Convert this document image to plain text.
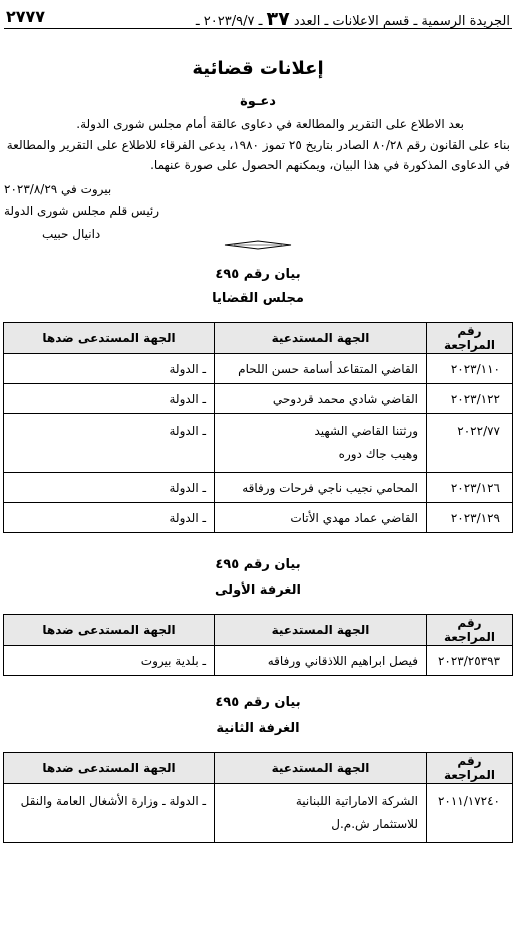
الجريدة الرسمية ـ قسم الاعلانات ـ العدد ٣٧ ـ ٢٠٢٣/٩/٧ ـ
٢٧٧٧
إعلانات قضائية
دعـوة
بعد الاطلاع على التقرير والمطالعة في دعاوى عالقة أمام مجلس شورى الدولة.
بناء على القانون رقم ٨٠/٢٨ الصادر بتاريخ ٢٥ تموز ١٩٨٠، يدعى الفرقاء للاطلاع على التقرير والمطالعة
في الدعاوى المذكورة في هذا البيان، ويمكنهم الحصول على صورة عنهما.
بيروت في ٢٠٢٣/٨/٢٩
رئيس قلم مجلس شورى الدولة
دانيال حبيب
بيان رقم ٤٩٥
مجلس القضايا
رقم المراجعة	الجهة المستدعية	الجهة المستدعى ضدها
٢٠٢٣/١١٠	القاضي المتقاعد أسامة حسن اللحام	ـ الدولة
٢٠٢٣/١٢٢	القاضي شادي محمد قردوحي	ـ الدولة
٢٠٢٢/٧٧	ورثتنا القاضي الشهيد
وهيب جاك دوره	ـ الدولة
٢٠٢٣/١٢٦	المحامي نجيب ناجي فرحات ورفاقه	ـ الدولة
٢٠٢٣/١٢٩	القاضي عماد مهدي الأتات	ـ الدولة
بيان رقم ٤٩٥
الغرفة الأولى
رقم المراجعة	الجهة المستدعية	الجهة المستدعى ضدها
٢٠٢٣/٢٥٣٩٣	فيصل ابراهيم اللاذقاني ورفاقه	ـ بلدية بيروت
بيان رقم ٤٩٥
الغرفة الثانية
رقم المراجعة	الجهة المستدعية	الجهة المستدعى ضدها
٢٠١١/١٧٢٤٠	الشركة الاماراتية اللبنانية
للاستثمار ش.م.ل	ـ الدولة ـ وزارة الأشغال العامة والنقل
